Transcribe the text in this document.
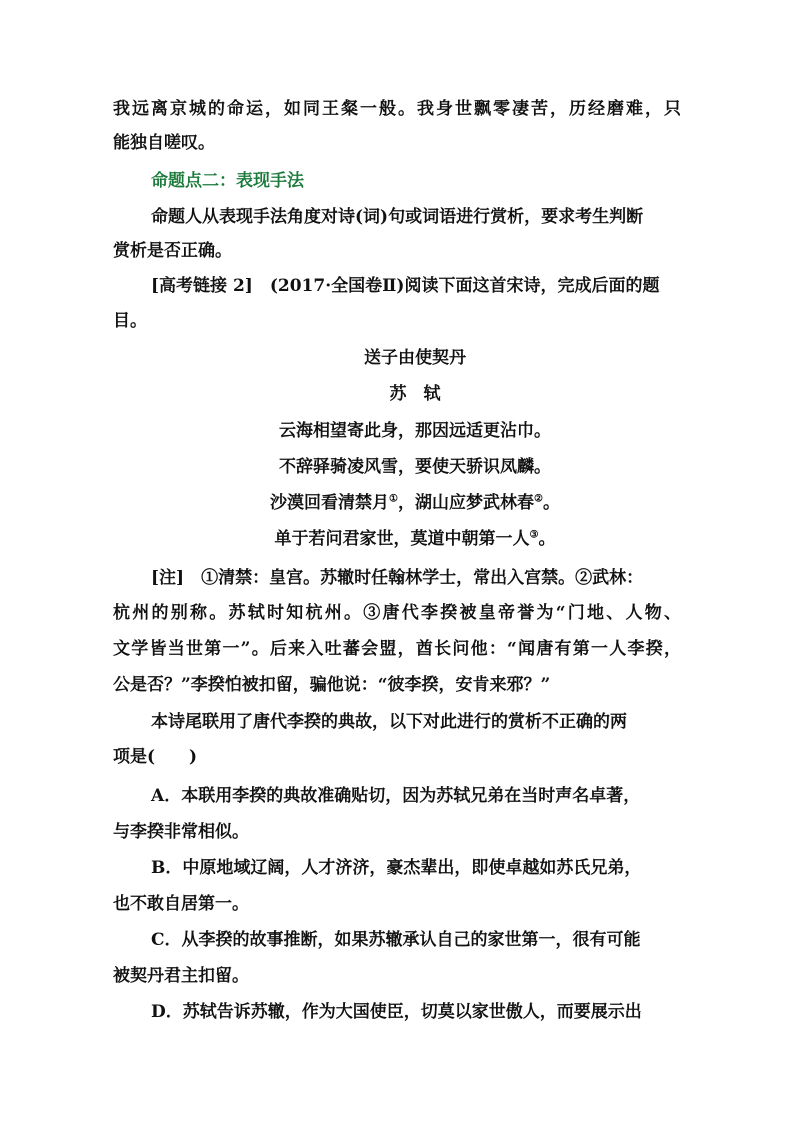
我远离京城的命运，如同王粲一般。我身世飘零凄苦，历经磨难，只
能独自嗟叹。
命题点二：表现手法
命题人从表现手法角度对诗(词)句或词语进行赏析，要求考生判断
赏析是否正确。
[高考链接 2]　(2017·全国卷Ⅱ)阅读下面这首宋诗，完成后面的题
目。
送子由使契丹
苏　轼
云海相望寄此身，那因远适更沾巾。
不辞驿骑凌风雪，要使天骄识凤麟。
沙漠回看清禁月①，湖山应梦武林春②。
单于若问君家世，莫道中朝第一人③。
[注]　①清禁：皇宫。苏辙时任翰林学士，常出入宫禁。②武林：
杭州的别称。苏轼时知杭州。③唐代李揆被皇帝誉为“门地、人物、
文学皆当世第一”。后来入吐蕃会盟，酋长问他：“闻唐有第一人李揆，
公是否？”李揆怕被扣留，骗他说：“彼李揆，安肯来邪？”
本诗尾联用了唐代李揆的典故，以下对此进行的赏析不正确的两
项是(　　)
A．本联用李揆的典故准确贴切，因为苏轼兄弟在当时声名卓著，
与李揆非常相似。
B．中原地域辽阔，人才济济，豪杰辈出，即使卓越如苏氏兄弟，
也不敢自居第一。
C．从李揆的故事推断，如果苏辙承认自己的家世第一，很有可能
被契丹君主扣留。
D．苏轼告诉苏辙，作为大国使臣，切莫以家世傲人，而要展示出
